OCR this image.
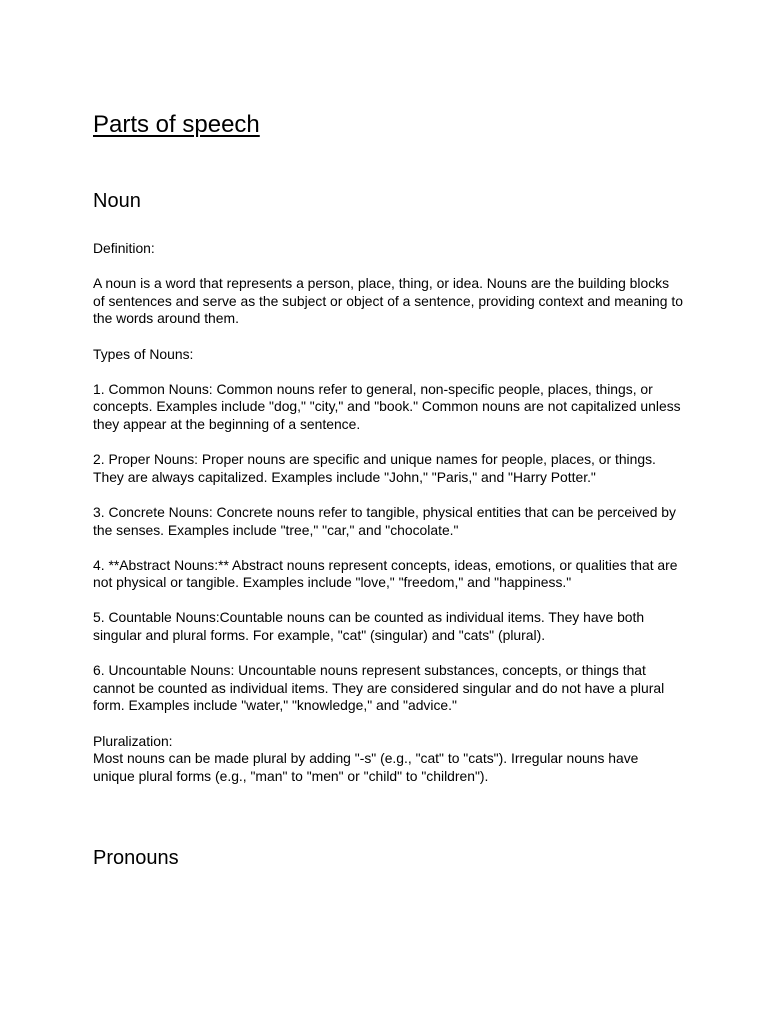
Parts of speech
Noun

Definition:

A noun is a word that represents a person, place, thing, or idea. Nouns are the building blocks of sentences and serve as the subject or object of a sentence, providing context and meaning to the words around them.

Types of Nouns:

1. Common Nouns: Common nouns refer to general, non-specific people, places, things, or concepts. Examples include "dog," "city," and "book." Common nouns are not capitalized unless they appear at the beginning of a sentence.

2. Proper Nouns: Proper nouns are specific and unique names for people, places, or things. They are always capitalized. Examples include "John," "Paris," and "Harry Potter."

3. Concrete Nouns: Concrete nouns refer to tangible, physical entities that can be perceived by the senses. Examples include "tree," "car," and "chocolate."

4. **Abstract Nouns:** Abstract nouns represent concepts, ideas, emotions, or qualities that are not physical or tangible. Examples include "love," "freedom," and "happiness."

5. Countable Nouns:Countable nouns can be counted as individual items. They have both singular and plural forms. For example, "cat" (singular) and "cats" (plural).

6. Uncountable Nouns: Uncountable nouns represent substances, concepts, or things that cannot be counted as individual items. They are considered singular and do not have a plural form. Examples include "water," "knowledge," and "advice."

Pluralization:

Most nouns can be made plural by adding "-s" (e.g., "cat" to "cats"). Irregular nouns have unique plural forms (e.g., "man" to "men" or "child" to "children").

Pronouns
